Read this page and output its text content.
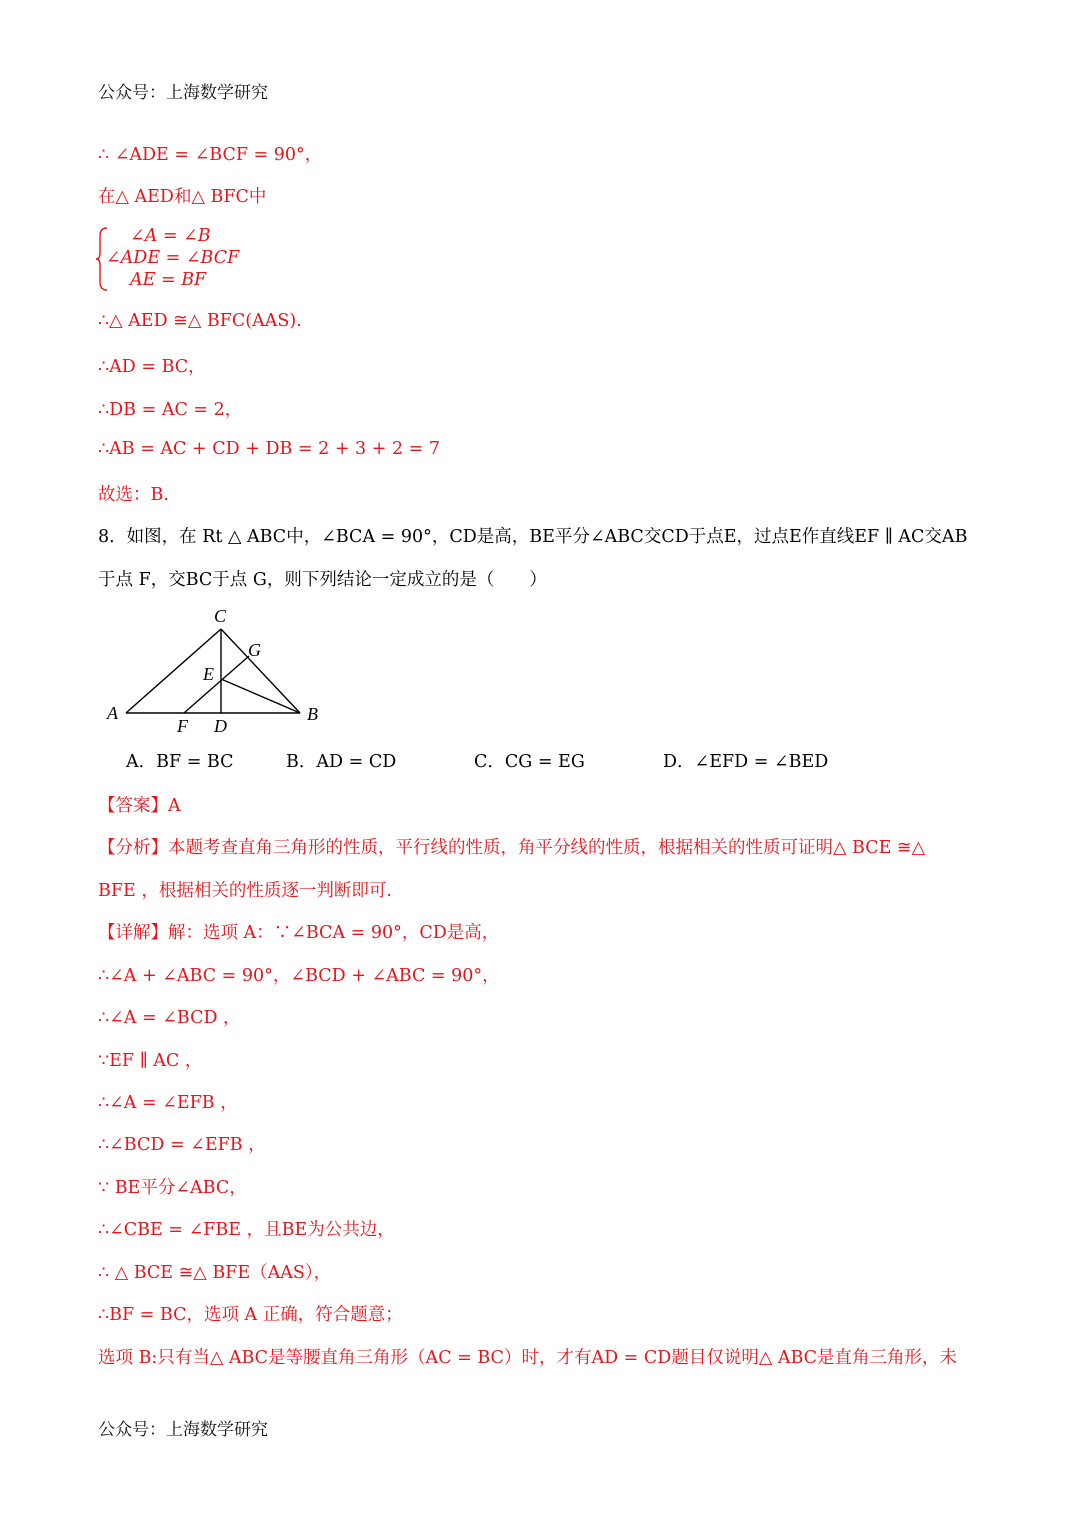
公众号：上海数学研究
∴ ∠ADE = ∠BCF = 90°，
在△ AED和△ BFC中
∠A = ∠B
∠ADE = ∠BCF
AE = BF
∴△ AED ≅△ BFC(AAS).
∴AD = BC，
∴DB = AC = 2，
∴AB = AC + CD + DB = 2 + 3 + 2 = 7
故选：B.
8．如图，在 Rt △ ABC中，∠BCA = 90°，CD是高，BE平分∠ABC交CD于点E，过点E作直线EF ∥ AC交AB
于点 F，交BC于点 G，则下列结论一定成立的是（　　）
A	B
C
D
E
F
G
A．BF = BC	B．AD = CD	C．CG = EG	D．∠EFD = ∠BED
【答案】A
【分析】本题考查直角三角形的性质，平行线的性质，角平分线的性质，根据相关的性质可证明△ BCE ≅△
BFE ，根据相关的性质逐一判断即可.
【详解】解：选项 A：∵∠BCA = 90°，CD是高，
∴∠A + ∠ABC = 90°，∠BCD + ∠ABC = 90°，
∴∠A = ∠BCD ，
∵EF ∥ AC ，
∴∠A = ∠EFB ，
∴∠BCD = ∠EFB ，
∵ BE平分∠ABC，
∴∠CBE = ∠FBE ，且BE为公共边，
∴ △ BCE ≅△ BFE（AAS），
∴BF = BC，选项 A 正确，符合题意；
选项 B:只有当△ ABC是等腰直角三角形（AC = BC）时，才有AD = CD题目仅说明△ ABC是直角三角形，未
公众号：上海数学研究
